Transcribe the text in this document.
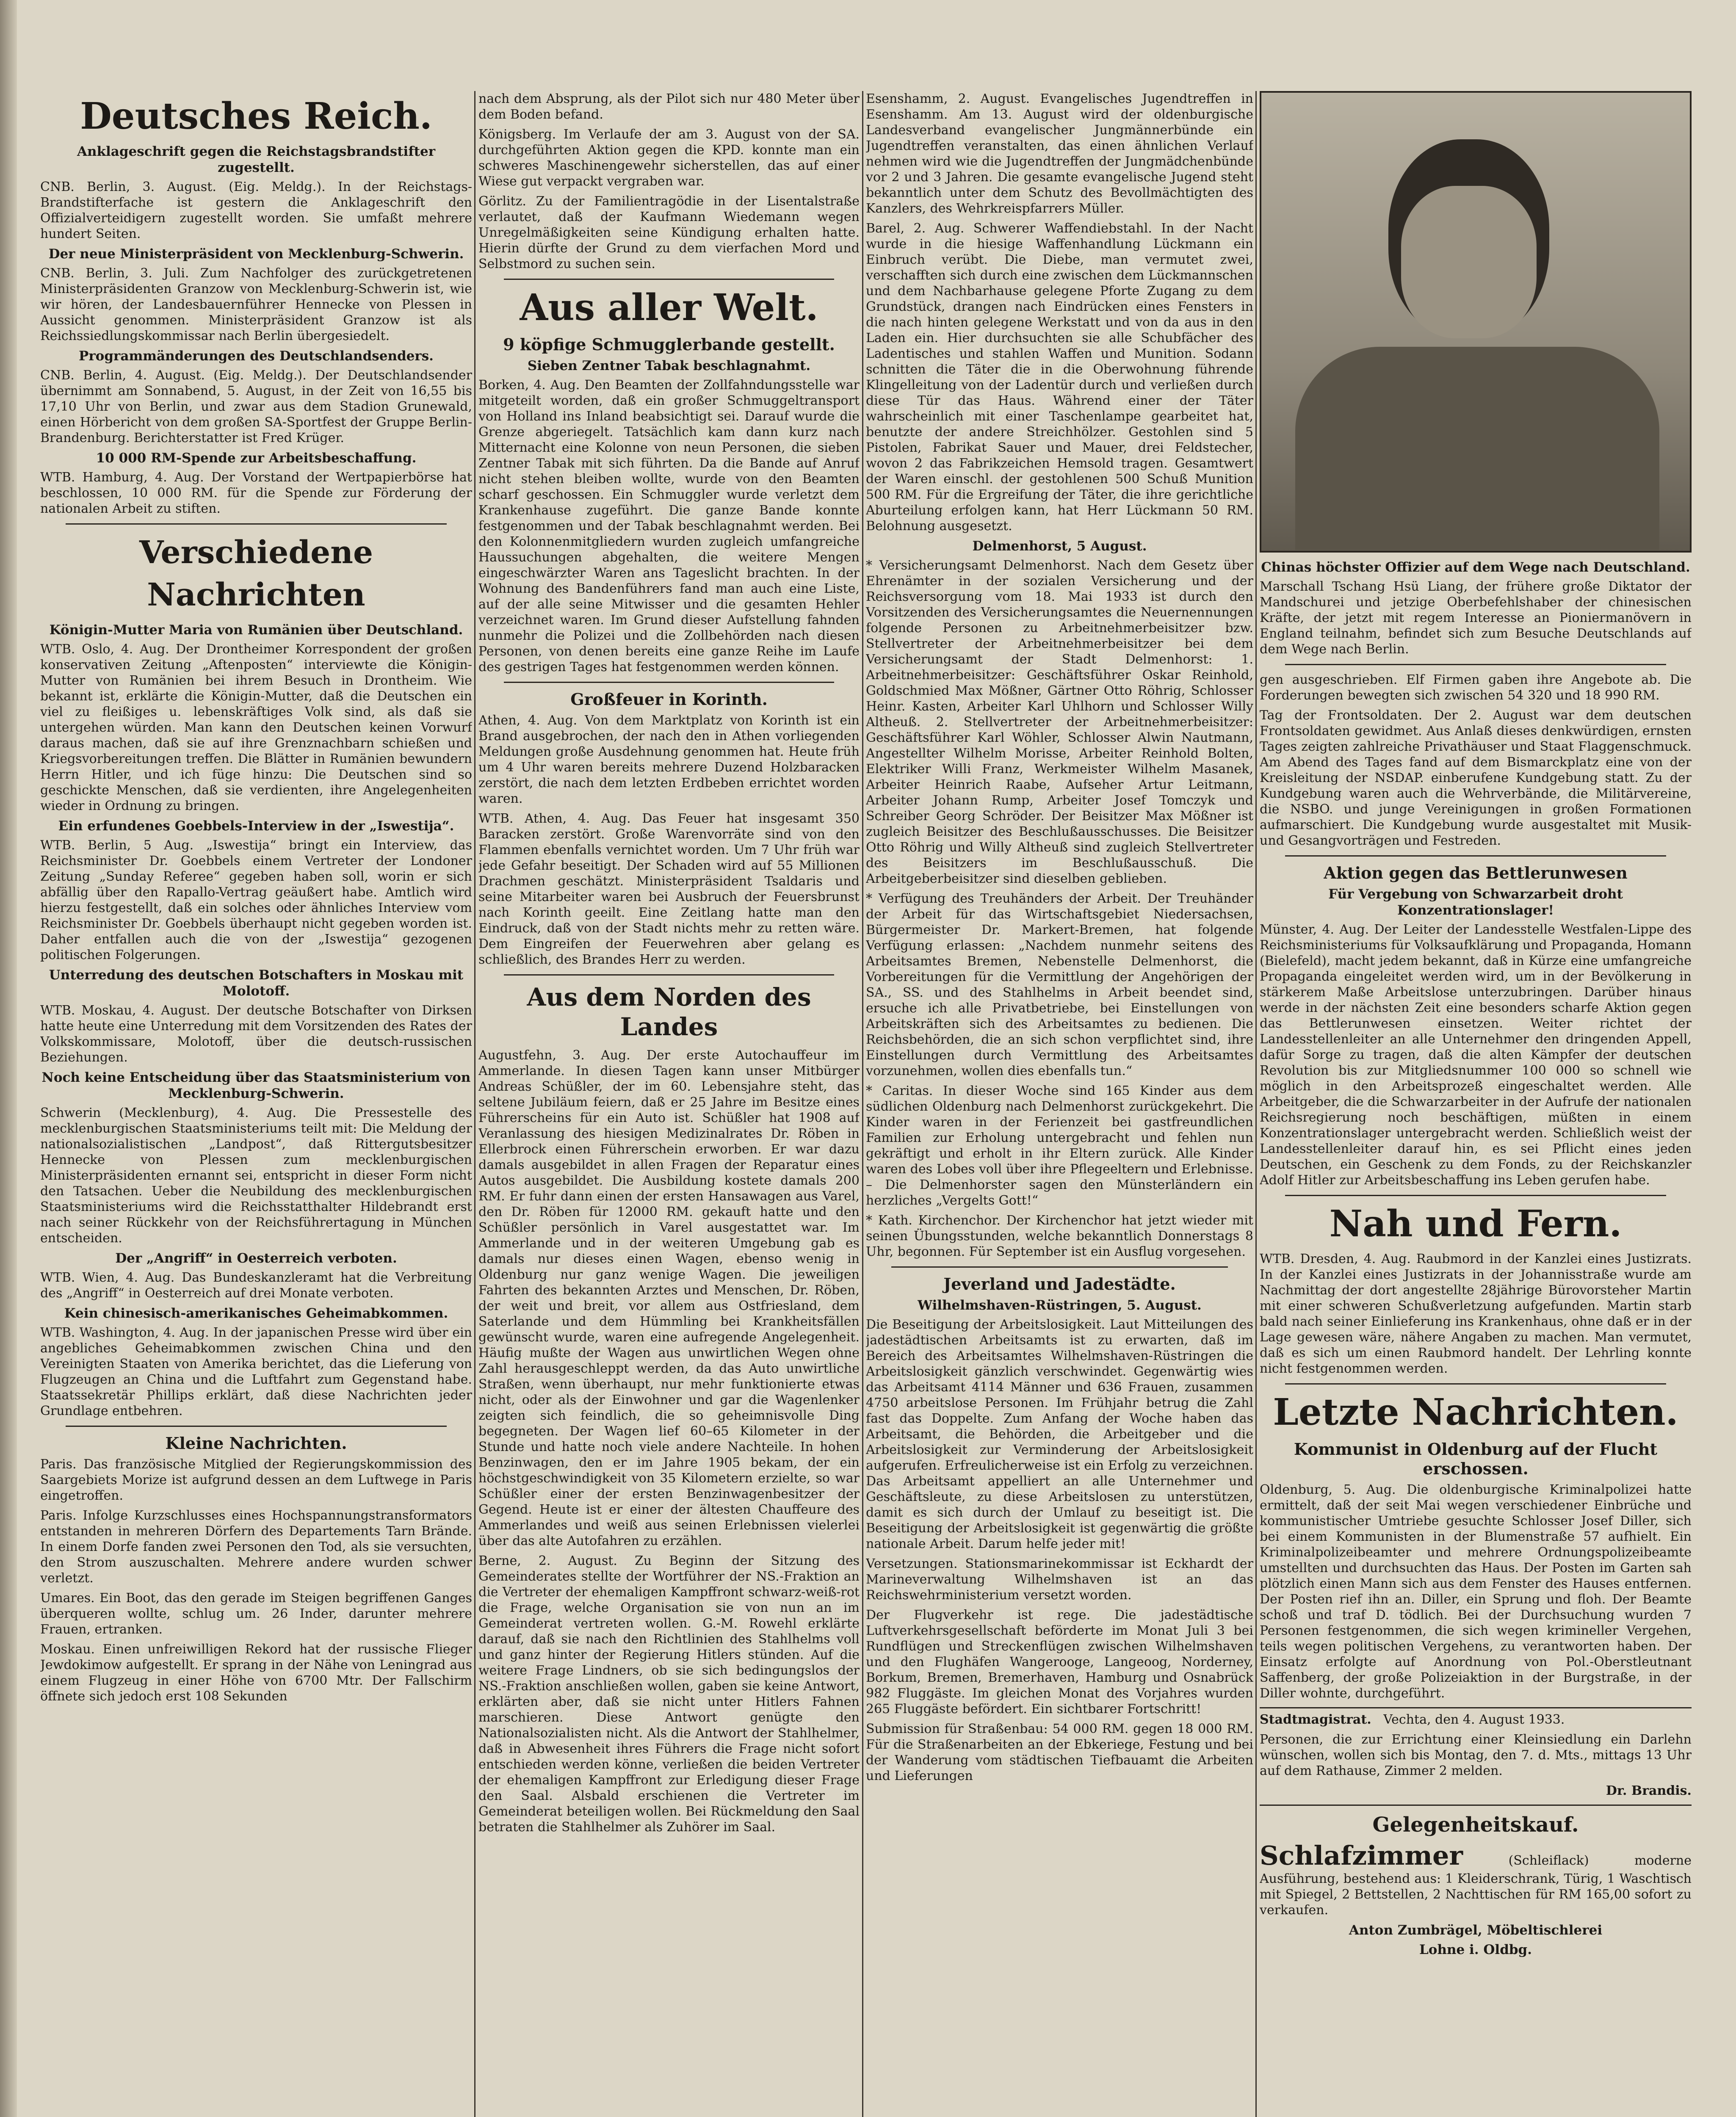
Deutsches Reich.
Anklageschrift gegen die Reichstagsbrandstifter zugestellt.

CNB. Berlin, 3. August. (Eig. Meldg.). In der Reichstags-Brandstifterfache ist gestern die Anklageschrift den Offizialverteidigern zugestellt worden. Sie umfaßt mehrere hundert Seiten.

Der neue Ministerpräsident von Mecklenburg-Schwerin.

CNB. Berlin, 3. Juli. Zum Nachfolger des zurückgetretenen Ministerpräsidenten Granzow von Mecklenburg-Schwerin ist, wie wir hören, der Landesbauernführer Hennecke von Plessen in Aussicht genommen. Ministerpräsident Granzow ist als Reichssiedlungskommissar nach Berlin übergesiedelt.

Programmänderungen des Deutschlandsenders.

CNB. Berlin, 4. August. (Eig. Meldg.). Der Deutschlandsender übernimmt am Sonnabend, 5. August, in der Zeit von 16,55 bis 17,10 Uhr von Berlin, und zwar aus dem Stadion Grunewald, einen Hörbericht von dem großen SA-Sportfest der Gruppe Berlin-Brandenburg. Berichterstatter ist Fred Krüger.

10 000 RM-Spende zur Arbeitsbeschaffung.

WTB. Hamburg, 4. Aug. Der Vorstand der Wertpapierbörse hat beschlossen, 10 000 RM. für die Spende zur Förderung der nationalen Arbeit zu stiften.

Verschiedene Nachrichten
Königin-Mutter Maria von Rumänien über Deutschland.

WTB. Oslo, 4. Aug. Der Drontheimer Korrespondent der großen konservativen Zeitung „Aftenposten“ interviewte die Königin-Mutter von Rumänien bei ihrem Besuch in Drontheim. Wie bekannt ist, erklärte die Königin-Mutter, daß die Deutschen ein viel zu fleißiges u. lebenskräftiges Volk sind, als daß sie untergehen würden. Man kann den Deutschen keinen Vorwurf daraus machen, daß sie auf ihre Grenznachbarn schießen und Kriegsvorbereitungen treffen. Die Blätter in Rumänien bewundern Herrn Hitler, und ich füge hinzu: Die Deutschen sind so geschickte Menschen, daß sie verdienten, ihre Angelegenheiten wieder in Ordnung zu bringen.

Ein erfundenes Goebbels-Interview in der „Iswestija“.

WTB. Berlin, 5 Aug. „Iswestija“ bringt ein Interview, das Reichsminister Dr. Goebbels einem Vertreter der Londoner Zeitung „Sunday Referee“ gegeben haben soll, worin er sich abfällig über den Rapallo-Vertrag geäußert habe. Amtlich wird hierzu festgestellt, daß ein solches oder ähnliches Interview vom Reichsminister Dr. Goebbels überhaupt nicht gegeben worden ist. Daher entfallen auch die von der „Iswestija“ gezogenen politischen Folgerungen.

Unterredung des deutschen Botschafters in Moskau mit Molotoff.

WTB. Moskau, 4. August. Der deutsche Botschafter von Dirksen hatte heute eine Unterredung mit dem Vorsitzenden des Rates der Volkskommissare, Molotoff, über die deutsch-russischen Beziehungen.

Noch keine Entscheidung über das Staatsministerium von Mecklenburg-Schwerin.

Schwerin (Mecklenburg), 4. Aug. Die Pressestelle des mecklenburgischen Staatsministeriums teilt mit: Die Meldung der nationalsozialistischen „Landpost“, daß Rittergutsbesitzer Hennecke von Plessen zum mecklenburgischen Ministerpräsidenten ernannt sei, entspricht in dieser Form nicht den Tatsachen. Ueber die Neubildung des mecklenburgischen Staatsministeriums wird die Reichsstatthalter Hildebrandt erst nach seiner Rückkehr von der Reichsführertagung in München entscheiden.

Der „Angriff“ in Oesterreich verboten.

WTB. Wien, 4. Aug. Das Bundeskanzleramt hat die Verbreitung des „Angriff“ in Oesterreich auf drei Monate verboten.

Kein chinesisch-amerikanisches Geheimabkommen.

WTB. Washington, 4. Aug. In der japanischen Presse wird über ein angebliches Geheimabkommen zwischen China und den Vereinigten Staaten von Amerika berichtet, das die Lieferung von Flugzeugen an China und die Luftfahrt zum Gegenstand habe. Staatssekretär Phillips erklärt, daß diese Nachrichten jeder Grundlage entbehren.

Kleine Nachrichten.

Paris. Das französische Mitglied der Regierungskommission des Saargebiets Morize ist aufgrund dessen an dem Luftwege in Paris eingetroffen.

Paris. Infolge Kurzschlusses eines Hochspannungstransformators entstanden in mehreren Dörfern des Departements Tarn Brände. In einem Dorfe fanden zwei Personen den Tod, als sie versuchten, den Strom auszuschalten. Mehrere andere wurden schwer verletzt.

Umares. Ein Boot, das den gerade im Steigen begriffenen Ganges überqueren wollte, schlug um. 26 Inder, darunter mehrere Frauen, ertranken.

Moskau. Einen unfreiwilligen Rekord hat der russische Flieger Jewdokimow aufgestellt. Er sprang in der Nähe von Leningrad aus einem Flugzeug in einer Höhe von 6700 Mtr. Der Fallschirm öffnete sich jedoch erst 108 Sekunden

nach dem Absprung, als der Pilot sich nur 480 Meter über dem Boden befand.

Königsberg. Im Verlaufe der am 3. August von der SA. durchgeführten Aktion gegen die KPD. konnte man ein schweres Maschinengewehr sicherstellen, das auf einer Wiese gut verpackt vergraben war.

Görlitz. Zu der Familientragödie in der Lisentalstraße verlautet, daß der Kaufmann Wiedemann wegen Unregelmäßigkeiten seine Kündigung erhalten hatte. Hierin dürfte der Grund zu dem vierfachen Mord und Selbstmord zu suchen sein.

Aus aller Welt.
9 köpfige Schmugglerbande gestellt.
Sieben Zentner Tabak beschlagnahmt.

Borken, 4. Aug. Den Beamten der Zollfahndungsstelle war mitgeteilt worden, daß ein großer Schmuggeltransport von Holland ins Inland beabsichtigt sei. Darauf wurde die Grenze abgeriegelt. Tatsächlich kam dann kurz nach Mitternacht eine Kolonne von neun Personen, die sieben Zentner Tabak mit sich führten. Da die Bande auf Anruf nicht stehen bleiben wollte, wurde von den Beamten scharf geschossen. Ein Schmuggler wurde verletzt dem Krankenhause zugeführt. Die ganze Bande konnte festgenommen und der Tabak beschlagnahmt werden. Bei den Kolonnenmitgliedern wurden zugleich umfangreiche Haussuchungen abgehalten, die weitere Mengen eingeschwärzter Waren ans Tageslicht brachten. In der Wohnung des Bandenführers fand man auch eine Liste, auf der alle seine Mitwisser und die gesamten Hehler verzeichnet waren. Im Grund dieser Aufstellung fahnden nunmehr die Polizei und die Zollbehörden nach diesen Personen, von denen bereits eine ganze Reihe im Laufe des gestrigen Tages hat festgenommen werden können.

Großfeuer in Korinth.

Athen, 4. Aug. Von dem Marktplatz von Korinth ist ein Brand ausgebrochen, der nach den in Athen vorliegenden Meldungen große Ausdehnung genommen hat. Heute früh um 4 Uhr waren bereits mehrere Duzend Holzbaracken zerstört, die nach dem letzten Erdbeben errichtet worden waren.

WTB. Athen, 4. Aug. Das Feuer hat insgesamt 350 Baracken zerstört. Große Warenvorräte sind von den Flammen ebenfalls vernichtet worden. Um 7 Uhr früh war jede Gefahr beseitigt. Der Schaden wird auf 55 Millionen Drachmen geschätzt. Ministerpräsident Tsaldaris und seine Mitarbeiter waren bei Ausbruch der Feuersbrunst nach Korinth geeilt. Eine Zeitlang hatte man den Eindruck, daß von der Stadt nichts mehr zu retten wäre. Dem Eingreifen der Feuerwehren aber gelang es schließlich, des Brandes Herr zu werden.

Aus dem Norden des Landes

Augustfehn, 3. Aug. Der erste Autochauffeur im Ammerlande. In diesen Tagen kann unser Mitbürger Andreas Schüßler, der im 60. Lebensjahre steht, das seltene Jubiläum feiern, daß er 25 Jahre im Besitze eines Führerscheins für ein Auto ist. Schüßler hat 1908 auf Veranlassung des hiesigen Medizinalrates Dr. Röben in Ellerbrock einen Führerschein erworben. Er war dazu damals ausgebildet in allen Fragen der Reparatur eines Autos ausgebildet. Die Ausbildung kostete damals 200 RM. Er fuhr dann einen der ersten Hansawagen aus Varel, den Dr. Röben für 12000 RM. gekauft hatte und den Schüßler persönlich in Varel ausgestattet war. Im Ammerlande und in der weiteren Umgebung gab es damals nur dieses einen Wagen, ebenso wenig in Oldenburg nur ganz wenige Wagen. Die jeweiligen Fahrten des bekannten Arztes und Menschen, Dr. Röben, der weit und breit, vor allem aus Ostfriesland, dem Saterlande und dem Hümmling bei Krankheitsfällen gewünscht wurde, waren eine aufregende Angelegenheit. Häufig mußte der Wagen aus unwirtlichen Wegen ohne Zahl herausgeschleppt werden, da das Auto unwirtliche Straßen, wenn überhaupt, nur mehr funktionierte etwas nicht, oder als der Einwohner und gar die Wagenlenker zeigten sich feindlich, die so geheimnisvolle Ding begegneten. Der Wagen lief 60–65 Kilometer in der Stunde und hatte noch viele andere Nachteile. In hohen Benzinwagen, den er im Jahre 1905 bekam, der ein höchstgeschwindigkeit von 35 Kilometern erzielte, so war Schüßler einer der ersten Benzinwagenbesitzer der Gegend. Heute ist er einer der ältesten Chauffeure des Ammerlandes und weiß aus seinen Erlebnissen vielerlei über das alte Autofahren zu erzählen.

Berne, 2. August. Zu Beginn der Sitzung des Gemeinderates stellte der Wortführer der NS.-Fraktion an die Vertreter der ehemaligen Kampffront schwarz-weiß-rot die Frage, welche Organisation sie von nun an im Gemeinderat vertreten wollen. G.-M. Rowehl erklärte darauf, daß sie nach den Richtlinien des Stahlhelms voll und ganz hinter der Regierung Hitlers stünden. Auf die weitere Frage Lindners, ob sie sich bedingungslos der NS.-Fraktion anschließen wollen, gaben sie keine Antwort, erklärten aber, daß sie nicht unter Hitlers Fahnen marschieren. Diese Antwort genügte den Nationalsozialisten nicht. Als die Antwort der Stahlhelmer, daß in Abwesenheit ihres Führers die Frage nicht sofort entschieden werden könne, verließen die beiden Vertreter der ehemaligen Kampffront zur Erledigung dieser Frage den Saal. Alsbald erschienen die Vertreter im Gemeinderat beteiligen wollen. Bei Rückmeldung den Saal betraten die Stahlhelmer als Zuhörer im Saal.

Esenshamm, 2. August. Evangelisches Jugendtreffen in Esenshamm. Am 13. August wird der oldenburgische Landesverband evangelischer Jungmännerbünde ein Jugendtreffen veranstalten, das einen ähnlichen Verlauf nehmen wird wie die Jugendtreffen der Jungmädchenbünde vor 2 und 3 Jahren. Die gesamte evangelische Jugend steht bekanntlich unter dem Schutz des Bevollmächtigten des Kanzlers, des Wehrkreispfarrers Müller.

Barel, 2. Aug. Schwerer Waffendiebstahl. In der Nacht wurde in die hiesige Waffenhandlung Lückmann ein Einbruch verübt. Die Diebe, man vermutet zwei, verschafften sich durch eine zwischen dem Lückmannschen und dem Nachbarhause gelegene Pforte Zugang zu dem Grundstück, drangen nach Eindrücken eines Fensters in die nach hinten gelegene Werkstatt und von da aus in den Laden ein. Hier durchsuchten sie alle Schubfächer des Ladentisches und stahlen Waffen und Munition. Sodann schnitten die Täter die in die Oberwohnung führende Klingelleitung von der Ladentür durch und verließen durch diese Tür das Haus. Während einer der Täter wahrscheinlich mit einer Taschenlampe gearbeitet hat, benutzte der andere Streichhölzer. Gestohlen sind 5 Pistolen, Fabrikat Sauer und Mauer, drei Feldstecher, wovon 2 das Fabrikzeichen Hemsold tragen. Gesamtwert der Waren einschl. der gestohlenen 500 Schuß Munition 500 RM. Für die Ergreifung der Täter, die ihre gerichtliche Aburteilung erfolgen kann, hat Herr Lückmann 50 RM. Belohnung ausgesetzt.

Delmenhorst, 5 August.

* Versicherungsamt Delmenhorst. Nach dem Gesetz über Ehrenämter in der sozialen Versicherung und der Reichsversorgung vom 18. Mai 1933 ist durch den Vorsitzenden des Versicherungsamtes die Neuernennungen folgende Personen zu Arbeitnehmerbeisitzer bzw. Stellvertreter der Arbeitnehmerbeisitzer bei dem Versicherungsamt der Stadt Delmenhorst: 1. Arbeitnehmerbeisitzer: Geschäftsführer Oskar Reinhold, Goldschmied Max Mößner, Gärtner Otto Röhrig, Schlosser Heinr. Kasten, Arbeiter Karl Uhlhorn und Schlosser Willy Altheuß. 2. Stellvertreter der Arbeitnehmerbeisitzer: Geschäftsführer Karl Wöhler, Schlosser Alwin Nautmann, Angestellter Wilhelm Morisse, Arbeiter Reinhold Bolten, Elektriker Willi Franz, Werkmeister Wilhelm Masanek, Arbeiter Heinrich Raabe, Aufseher Artur Leitmann, Arbeiter Johann Rump, Arbeiter Josef Tomczyk und Schreiber Georg Schröder. Der Beisitzer Max Mößner ist zugleich Beisitzer des Beschlußausschusses. Die Beisitzer Otto Röhrig und Willy Altheuß sind zugleich Stellvertreter des Beisitzers im Beschlußausschuß. Die Arbeitgeberbeisitzer sind dieselben geblieben.

* Verfügung des Treuhänders der Arbeit. Der Treuhänder der Arbeit für das Wirtschaftsgebiet Niedersachsen, Bürgermeister Dr. Markert-Bremen, hat folgende Verfügung erlassen: „Nachdem nunmehr seitens des Arbeitsamtes Bremen, Nebenstelle Delmenhorst, die Vorbereitungen für die Vermittlung der Angehörigen der SA., SS. und des Stahlhelms in Arbeit beendet sind, ersuche ich alle Privatbetriebe, bei Einstellungen von Arbeitskräften sich des Arbeitsamtes zu bedienen. Die Reichsbehörden, die an sich schon verpflichtet sind, ihre Einstellungen durch Vermittlung des Arbeitsamtes vorzunehmen, wollen dies ebenfalls tun.“

* Caritas. In dieser Woche sind 165 Kinder aus dem südlichen Oldenburg nach Delmenhorst zurückgekehrt. Die Kinder waren in der Ferienzeit bei gastfreundlichen Familien zur Erholung untergebracht und fehlen nun gekräftigt und erholt in ihr Eltern zurück. Alle Kinder waren des Lobes voll über ihre Pflegeeltern und Erlebnisse. – Die Delmenhorster sagen den Münsterländern ein herzliches „Vergelts Gott!“

* Kath. Kirchenchor. Der Kirchenchor hat jetzt wieder mit seinen Übungsstunden, welche bekanntlich Donnerstags 8 Uhr, begonnen. Für September ist ein Ausflug vorgesehen.

Jeverland und Jadestädte.
Wilhelmshaven-Rüstringen, 5. August.

Die Beseitigung der Arbeitslosigkeit. Laut Mitteilungen des jadestädtischen Arbeitsamts ist zu erwarten, daß im Bereich des Arbeitsamtes Wilhelmshaven-Rüstringen die Arbeitslosigkeit gänzlich verschwindet. Gegenwärtig wies das Arbeitsamt 4114 Männer und 636 Frauen, zusammen 4750 arbeitslose Personen. Im Frühjahr betrug die Zahl fast das Doppelte. Zum Anfang der Woche haben das Arbeitsamt, die Behörden, die Arbeitgeber und die Arbeitslosigkeit zur Verminderung der Arbeitslosigkeit aufgerufen. Erfreulicherweise ist ein Erfolg zu verzeichnen. Das Arbeitsamt appelliert an alle Unternehmer und Geschäftsleute, zu diese Arbeitslosen zu unterstützen, damit es sich durch der Umlauf zu beseitigt ist. Die Beseitigung der Arbeitslosigkeit ist gegenwärtig die größte nationale Arbeit. Darum helfe jeder mit!

Versetzungen. Stationsmarinekommissar ist Eckhardt der Marineverwaltung Wilhelmshaven ist an das Reichswehrministerium versetzt worden.

Der Flugverkehr ist rege. Die jadestädtische Luftverkehrsgesellschaft beförderte im Monat Juli 3 bei Rundflügen und Streckenflügen zwischen Wilhelmshaven und den Flughäfen Wangerooge, Langeoog, Norderney, Borkum, Bremen, Bremerhaven, Hamburg und Osnabrück 982 Fluggäste. Im gleichen Monat des Vorjahres wurden 265 Fluggäste befördert. Ein sichtbarer Fortschritt!

Submission für Straßenbau: 54 000 RM. gegen 18 000 RM. Für die Straßenarbeiten an der Ebkeriege, Festung und bei der Wanderung vom städtischen Tiefbauamt die Arbeiten und Lieferungen

Chinas höchster Offizier auf dem Wege nach Deutschland.

Marschall Tschang Hsü Liang, der frühere große Diktator der Mandschurei und jetzige Oberbefehlshaber der chinesischen Kräfte, der jetzt mit regem Interesse an Pioniermanövern in England teilnahm, befindet sich zum Besuche Deutschlands auf dem Wege nach Berlin.

gen ausgeschrieben. Elf Firmen gaben ihre Angebote ab. Die Forderungen bewegten sich zwischen 54 320 und 18 990 RM.

Tag der Frontsoldaten. Der 2. August war dem deutschen Frontsoldaten gewidmet. Aus Anlaß dieses denkwürdigen, ernsten Tages zeigten zahlreiche Privathäuser und Staat Flaggenschmuck. Am Abend des Tages fand auf dem Bismarckplatz eine von der Kreisleitung der NSDAP. einberufene Kundgebung statt. Zu der Kundgebung waren auch die Wehrverbände, die Militärvereine, die NSBO. und junge Vereinigungen in großen Formationen aufmarschiert. Die Kundgebung wurde ausgestaltet mit Musik- und Gesangvorträgen und Festreden.

Aktion gegen das Bettlerunwesen
Für Vergebung von Schwarzarbeit droht Konzentrationslager!

Münster, 4. Aug. Der Leiter der Landesstelle Westfalen-Lippe des Reichsministeriums für Volksaufklärung und Propaganda, Homann (Bielefeld), macht jedem bekannt, daß in Kürze eine umfangreiche Propaganda eingeleitet werden wird, um in der Bevölkerung in stärkerem Maße Arbeitslose unterzubringen. Darüber hinaus werde in der nächsten Zeit eine besonders scharfe Aktion gegen das Bettlerunwesen einsetzen. Weiter richtet der Landesstellenleiter an alle Unternehmer den dringenden Appell, dafür Sorge zu tragen, daß die alten Kämpfer der deutschen Revolution bis zur Mitgliedsnummer 100 000 so schnell wie möglich in den Arbeitsprozeß eingeschaltet werden. Alle Arbeitgeber, die die Schwarzarbeiter in der Aufrufe der nationalen Reichsregierung noch beschäftigen, müßten in einem Konzentrationslager untergebracht werden. Schließlich weist der Landesstellenleiter darauf hin, es sei Pflicht eines jeden Deutschen, ein Geschenk zu dem Fonds, zu der Reichskanzler Adolf Hitler zur Arbeitsbeschaffung ins Leben gerufen habe.

Nah und Fern.

WTB. Dresden, 4. Aug. Raubmord in der Kanzlei eines Justizrats. In der Kanzlei eines Justizrats in der Johannisstraße wurde am Nachmittag der dort angestellte 28jährige Bürovorsteher Martin mit einer schweren Schußverletzung aufgefunden. Martin starb bald nach seiner Einlieferung ins Krankenhaus, ohne daß er in der Lage gewesen wäre, nähere Angaben zu machen. Man vermutet, daß es sich um einen Raubmord handelt. Der Lehrling konnte nicht festgenommen werden.

Letzte Nachrichten.
Kommunist in Oldenburg auf der Flucht erschossen.

Oldenburg, 5. Aug. Die oldenburgische Kriminalpolizei hatte ermittelt, daß der seit Mai wegen verschiedener Einbrüche und kommunistischer Umtriebe gesuchte Schlosser Josef Diller, sich bei einem Kommunisten in der Blumenstraße 57 aufhielt. Ein Kriminalpolizeibeamter und mehrere Ordnungspolizeibeamte umstellten und durchsuchten das Haus. Der Posten im Garten sah plötzlich einen Mann sich aus dem Fenster des Hauses entfernen. Der Posten rief ihn an. Diller, ein Sprung und floh. Der Beamte schoß und traf D. tödlich. Bei der Durchsuchung wurden 7 Personen festgenommen, die sich wegen krimineller Vergehen, teils wegen politischen Vergehens, zu verantworten haben. Der Einsatz erfolgte auf Anordnung von Pol.-Oberstleutnant Saffenberg, der große Polizeiaktion in der Burgstraße, in der Diller wohnte, durchgeführt.

Stadtmagistrat. Vechta, den 4. August 1933.

Personen, die zur Errichtung einer Kleinsiedlung ein Darlehn wünschen, wollen sich bis Montag, den 7. d. Mts., mittags 13 Uhr auf dem Rathause, Zimmer 2 melden.

Dr. Brandis.

Gelegenheitskauf.

Schlafzimmer	(Schleiflack) moderne Ausführung, bestehend aus: 1 Kleiderschrank, Türig, 1 Waschtisch mit Spiegel, 2 Bettstellen, 2 Nachttischen für RM 165,00 sofort zu verkaufen.

Anton Zumbrägel, Möbeltischlerei
Lohne i. Oldbg.
